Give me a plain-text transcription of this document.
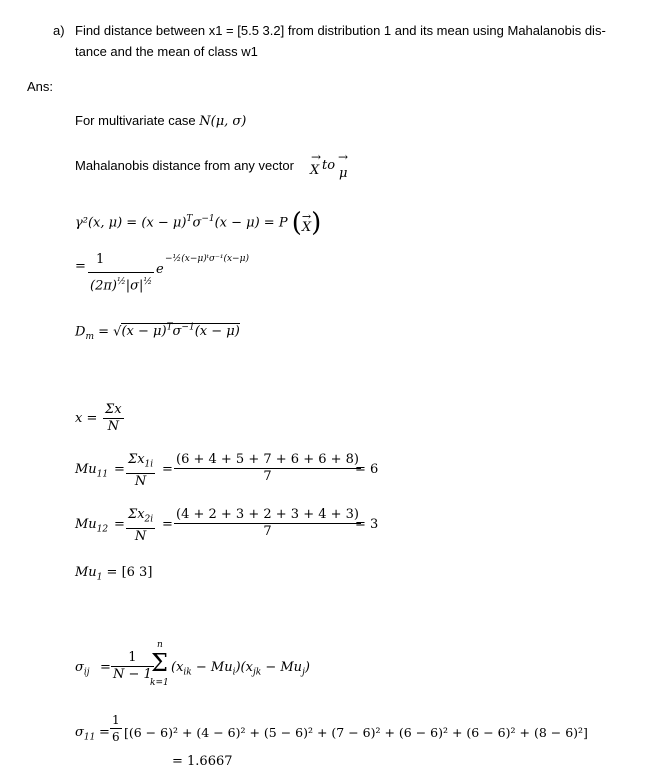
a) Find distance between x1 = [5.5 3.2] from distribution 1 and its mean using Mahalanobis dis-
tance and the mean of class w1
Ans:
For multivariate case N(μ, σ)
Mahalanobis distance from any vector
→
X to
→
μ
γ²(x, $\mu) = (x - \mu)^T\sigma^{-1}(x - \mu) = P$ ( →
X )
= 1
$(2\pi)^{\frac{1}{2}}|\sigma|^{\frac{1}{2}}$
e
−½(x−μ)ᵗσ⁻¹(x−μ)
$D_m = √(x - \mu)^T\sigma^{-1}(x - \mu)$
$x = \frac{\Sigma x}{N}$
$Mu_{11} = \frac{\Sigma x_{1i}}{N} = \frac{(6 + 4 + 5 + 7 + 6 + 6 + 8)}{7}$
= 6
$Mu_{12} = \frac{\Sigma x_{2i}}{N} = \frac{(4 + 2 + 3 + 2 + 3 + 4 + 3)}{7}$
= 3
$Mu_1 = [6$ 3]
$\sigma_{ij} = \frac{1}{N - 1}$
n
Σ
k=1
$(x_{ik} - Mu_i)(x_{jk} - Mu_j)$
$\sigma_{11} = \frac{1}{6} [(6 - 6)^2 + (4 - 6)^2 + (5 - 6)^2 + (7 - 6)^2 + (6 - 6)^2 + (6 - 6)^2 + (8 - 6)^2]$
= 1.6667
